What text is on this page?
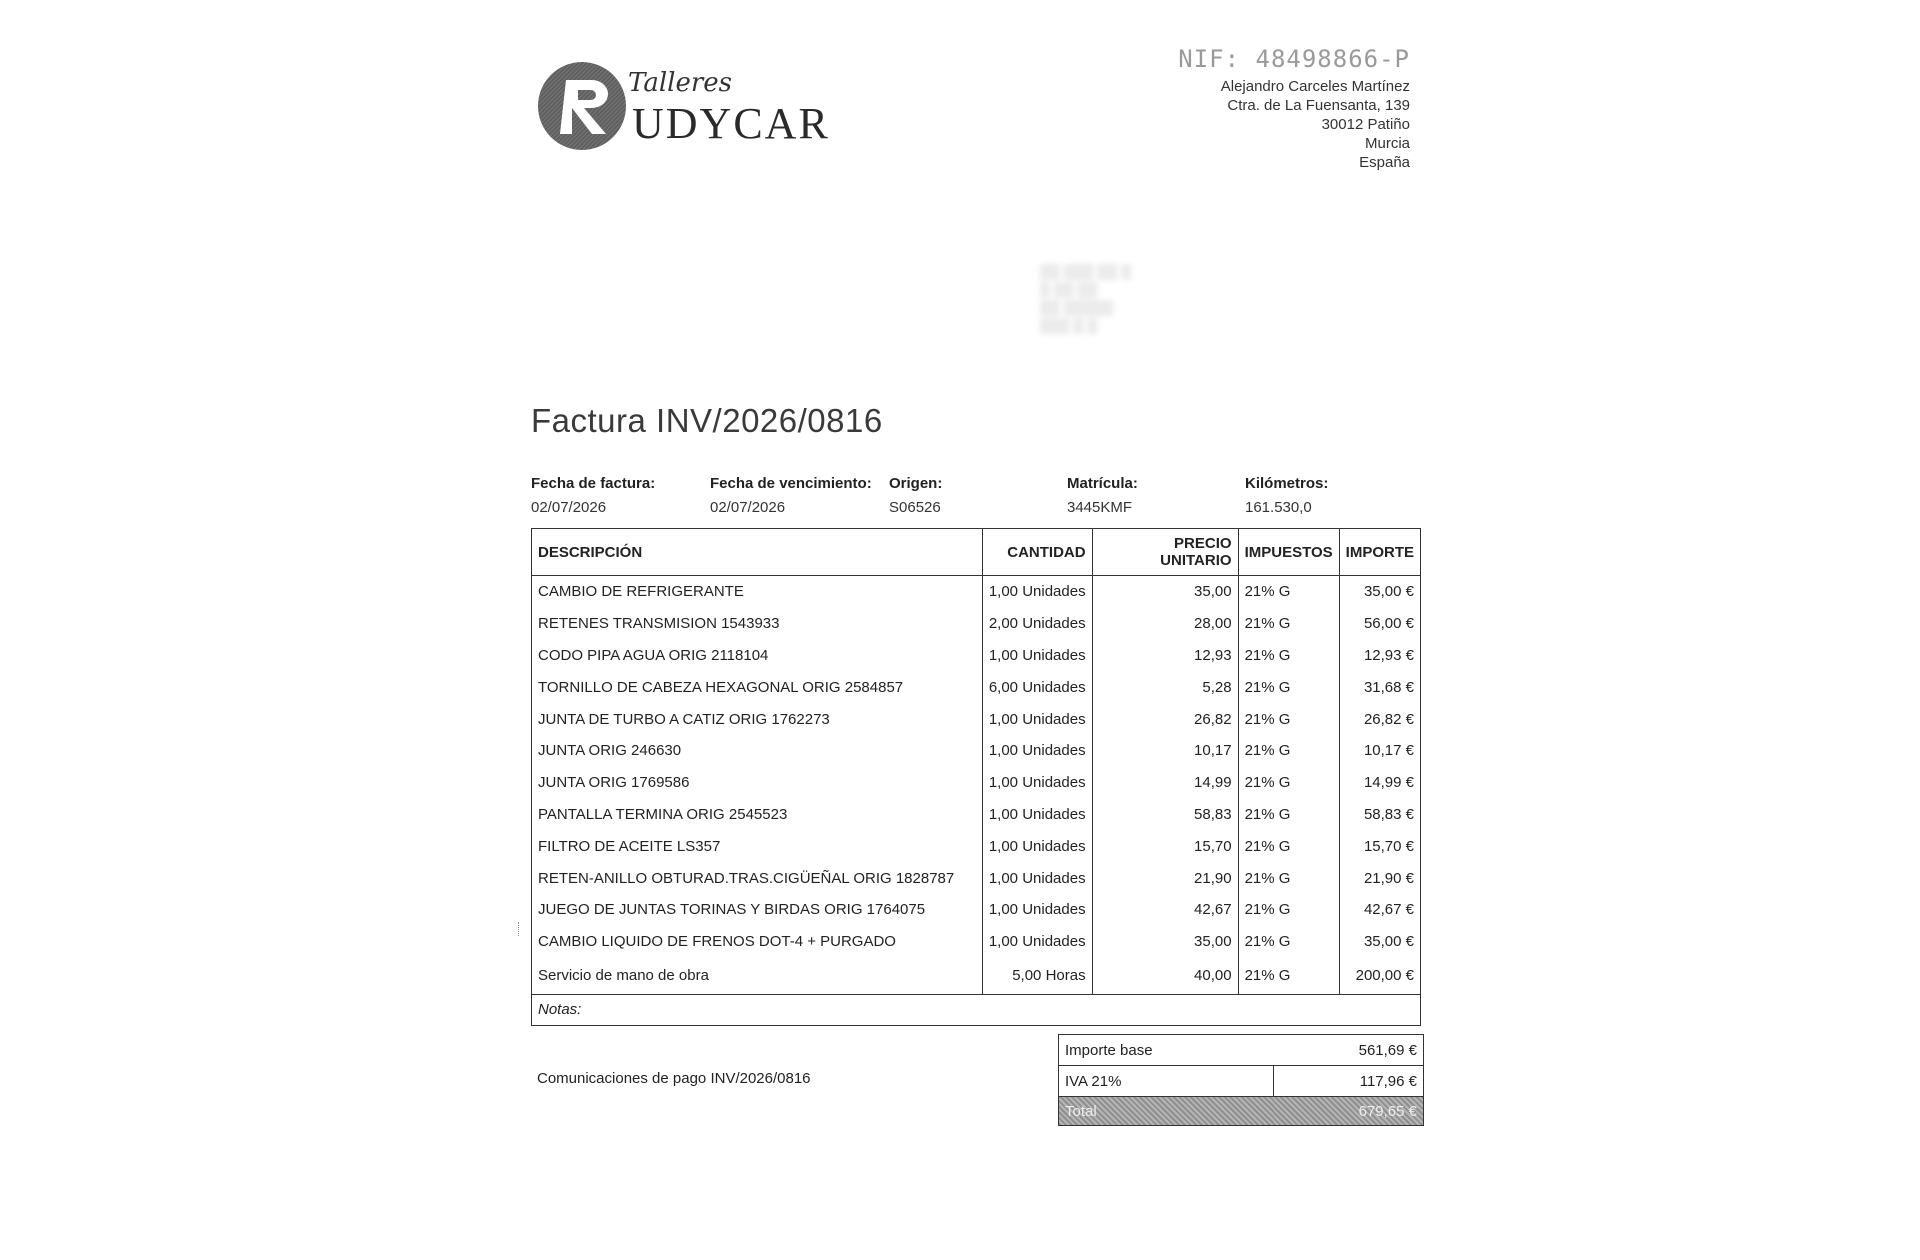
Talleres
UDYCAR
NIF: 48498866-P
Alejandro Carceles Martínez
Ctra. de La Fuensanta, 139
30012 Patiño
Murcia
España
▒▒ ▒▒▒ ▒▒ ▒
▒ ▒▒ ▒▒
▒▒ ▒▒▒▒▒
▒▒▒ ▒ ▒
Factura INV/2026/0816
Fecha de factura:
02/07/2026
Fecha de vencimiento:
02/07/2026
Origen:
S06526
Matrícula:
3445KMF
Kilómetros:
161.530,0
DESCRIPCIÓN	CANTIDAD	PRECIO UNITARIO	IMPUESTOS	IMPORTE
CAMBIO DE REFRIGERANTE	1,00 Unidades	35,00	21% G	35,00 €
RETENES TRANSMISION 1543933	2,00 Unidades	28,00	21% G	56,00 €
CODO PIPA AGUA ORIG 2118104	1,00 Unidades	12,93	21% G	12,93 €
TORNILLO DE CABEZA HEXAGONAL ORIG 2584857	6,00 Unidades	5,28	21% G	31,68 €
JUNTA DE TURBO A CATIZ ORIG 1762273	1,00 Unidades	26,82	21% G	26,82 €
JUNTA ORIG 246630	1,00 Unidades	10,17	21% G	10,17 €
JUNTA ORIG 1769586	1,00 Unidades	14,99	21% G	14,99 €
PANTALLA TERMINA ORIG 2545523	1,00 Unidades	58,83	21% G	58,83 €
FILTRO DE ACEITE LS357	1,00 Unidades	15,70	21% G	15,70 €
RETEN-ANILLO OBTURAD.TRAS.CIGÜEÑAL ORIG 1828787	1,00 Unidades	21,90	21% G	21,90 €
JUEGO DE JUNTAS TORINAS Y BIRDAS ORIG 1764075	1,00 Unidades	42,67	21% G	42,67 €
CAMBIO LIQUIDO DE FRENOS DOT-4 + PURGADO	1,00 Unidades	35,00	21% G	35,00 €
Servicio de mano de obra	5,00 Horas	40,00	21% G	200,00 €
Notas:				
Comunicaciones de pago INV/2026/0816
Importe base	561,69 €
IVA 21%	117,96 €
Total	679,65 €
